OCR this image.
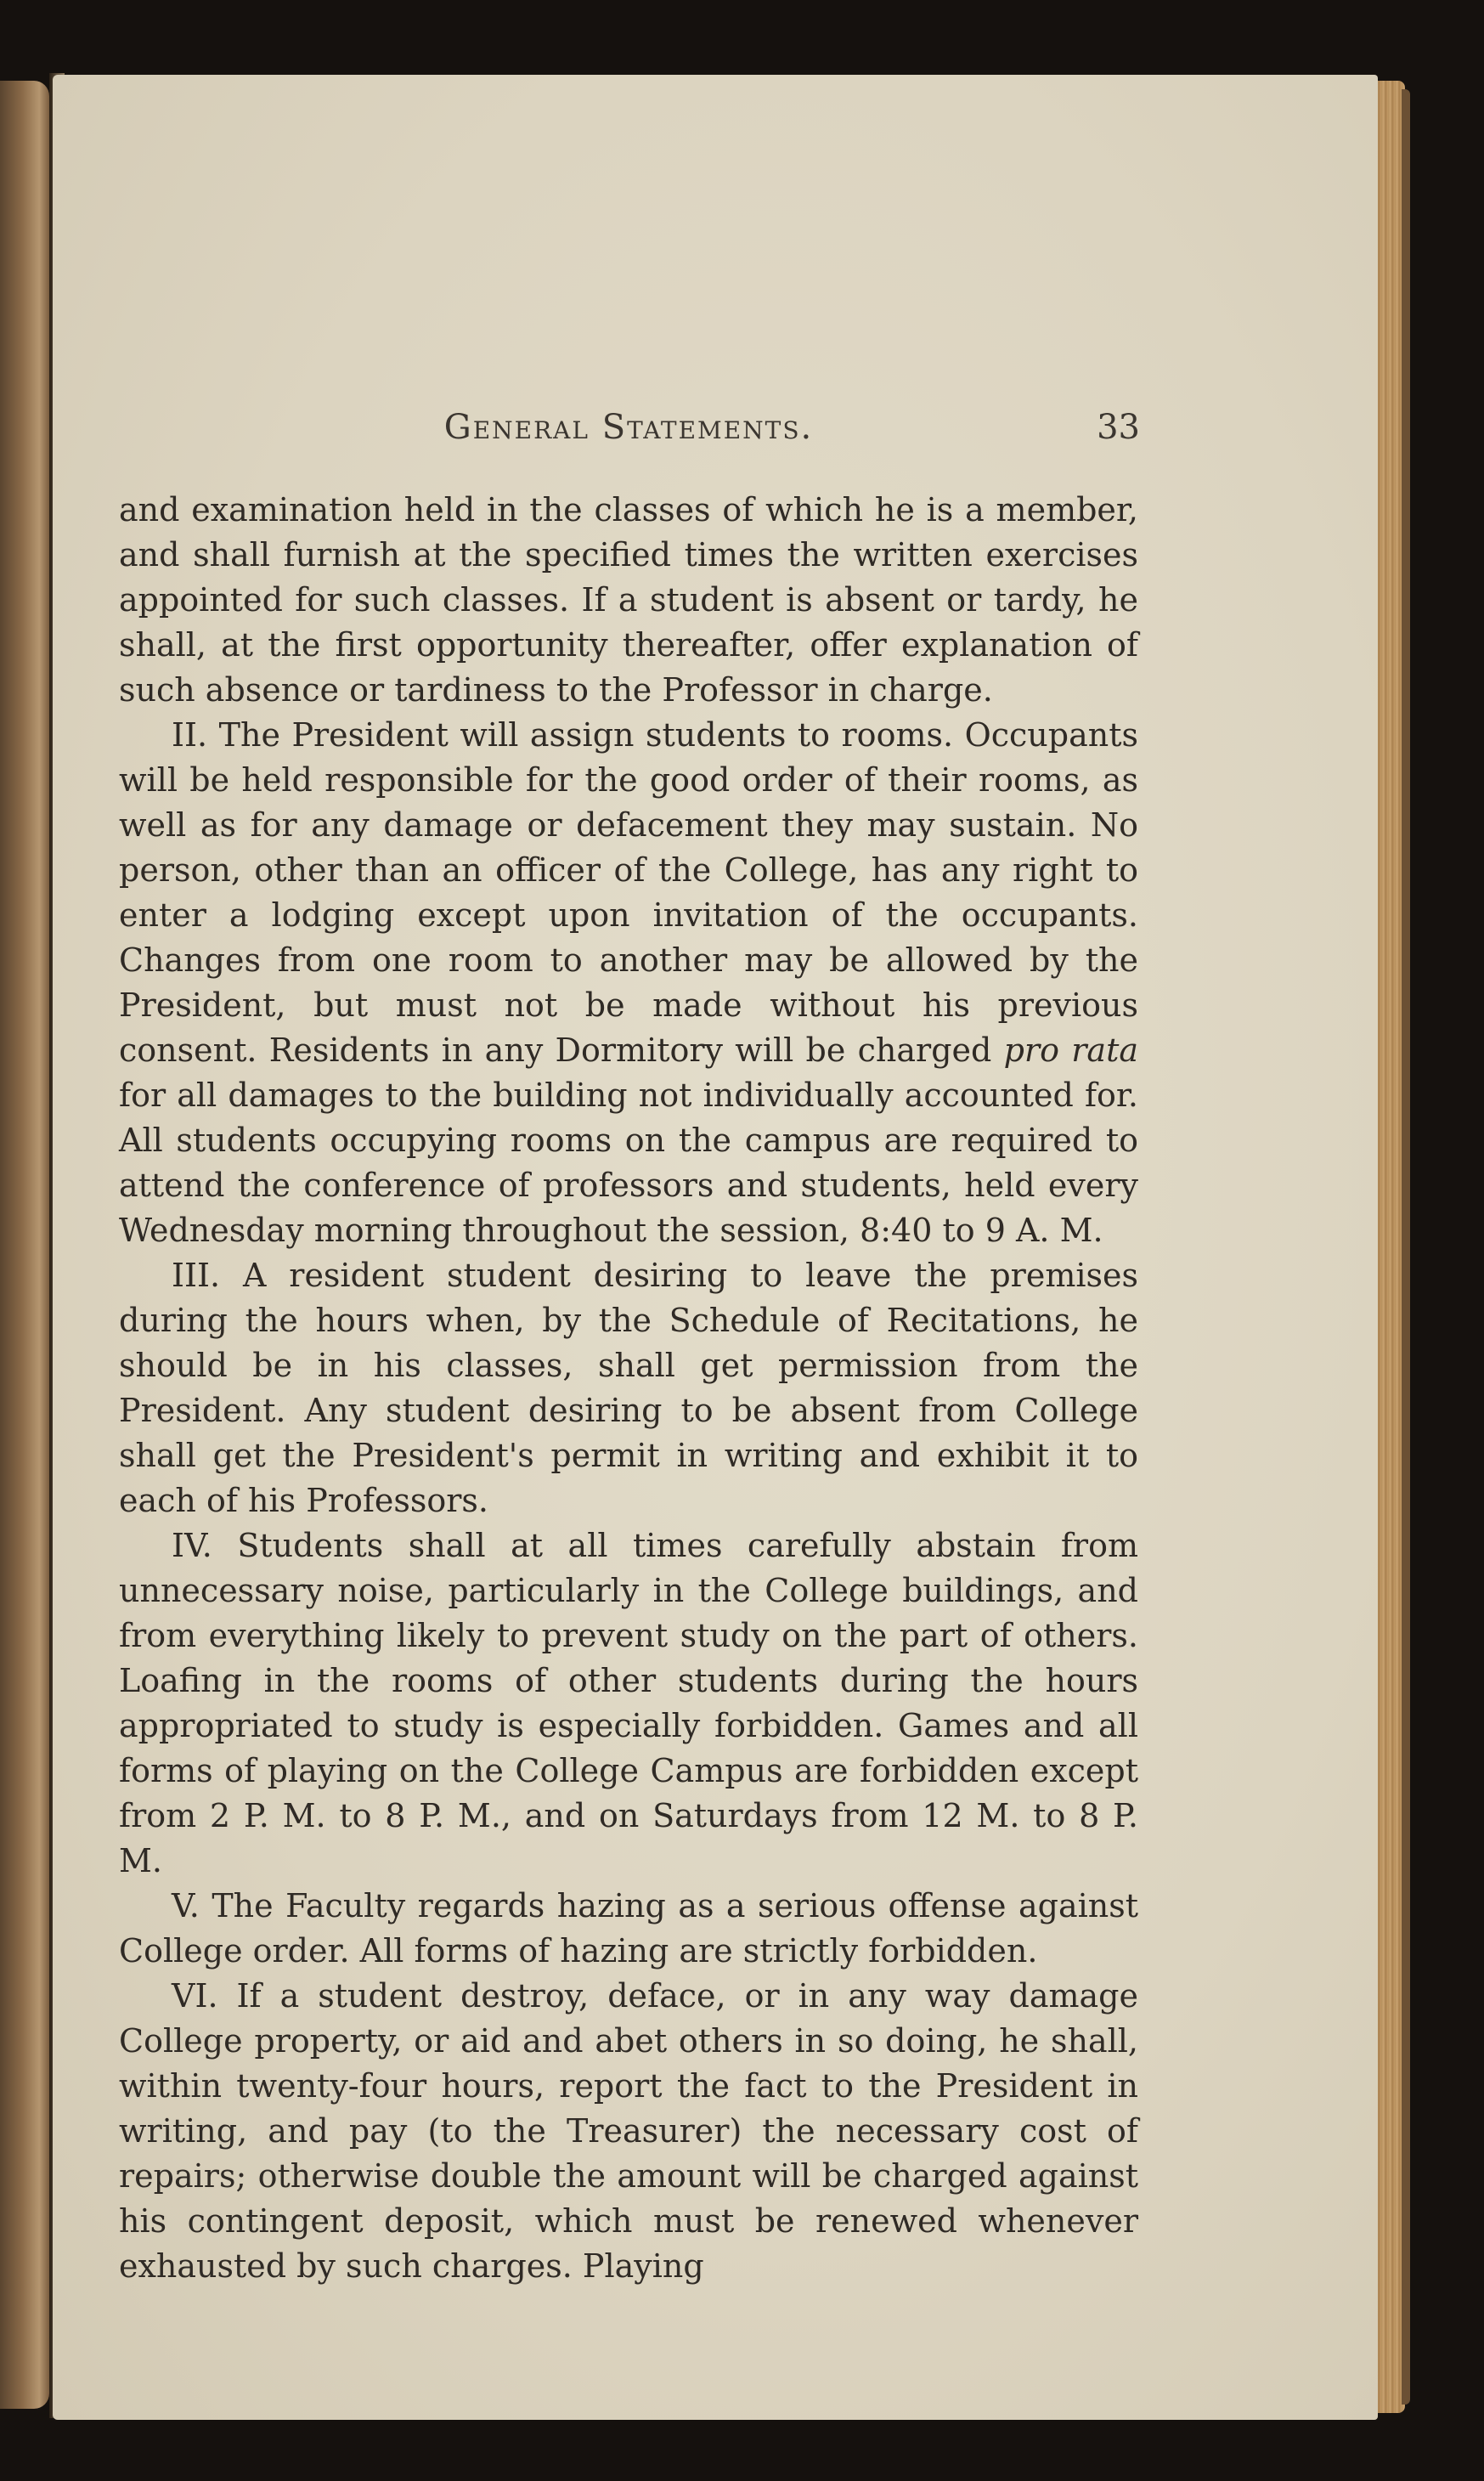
General Statements.	33

and examination held in the classes of which he is a member, and shall furnish at the specified times the written exercises appointed for such classes. If a student is absent or tardy, he shall, at the first opportunity thereafter, offer explanation of such absence or tardiness to the Professor in charge.

II. The President will assign students to rooms. Occupants will be held responsible for the good order of their rooms, as well as for any damage or defacement they may sustain. No person, other than an officer of the College, has any right to enter a lodging except upon invitation of the occupants. Changes from one room to another may be allowed by the President, but must not be made without his previous consent. Residents in any Dormitory will be charged pro rata for all damages to the building not individually accounted for. All students occupying rooms on the campus are required to attend the conference of professors and students, held every Wednesday morning throughout the session, 8:40 to 9 A. M.

III. A resident student desiring to leave the premises during the hours when, by the Schedule of Recitations, he should be in his classes, shall get permission from the President. Any student desiring to be absent from College shall get the President's permit in writing and exhibit it to each of his Professors.

IV. Students shall at all times carefully abstain from unnecessary noise, particularly in the College buildings, and from everything likely to prevent study on the part of others. Loafing in the rooms of other students during the hours appropriated to study is especially forbidden. Games and all forms of playing on the College Campus are forbidden except from 2 P. M. to 8 P. M., and on Saturdays from 12 M. to 8 P. M.

V. The Faculty regards hazing as a serious offense against College order. All forms of hazing are strictly forbidden.

VI. If a student destroy, deface, or in any way damage College property, or aid and abet others in so doing, he shall, within twenty-four hours, report the fact to the President in writing, and pay (to the Treasurer) the necessary cost of repairs; otherwise double the amount will be charged against his contingent deposit, which must be renewed whenever exhausted by such charges. Playing
